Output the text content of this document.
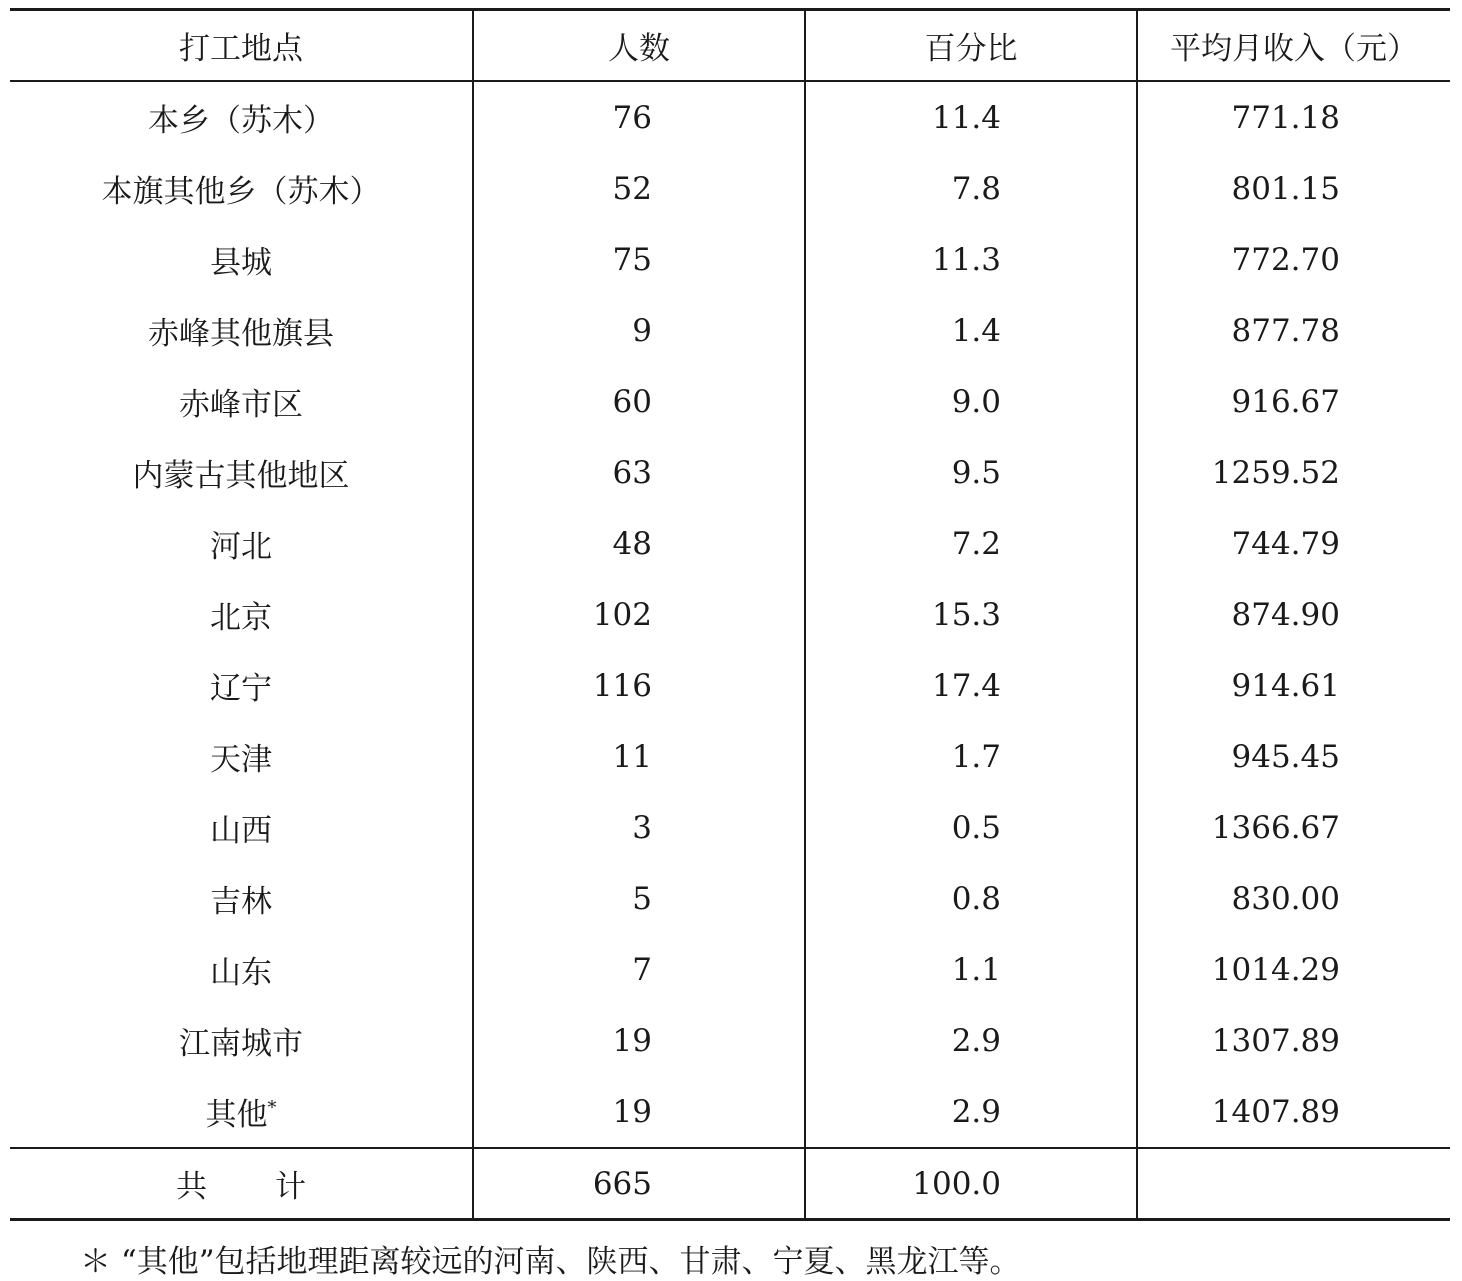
打工地点	人数	百分比	平均月收入（元）
本乡（苏木）	76	11.4	771.18
本旗其他乡（苏木）	52	7.8	801.15
县城	75	11.3	772.70
赤峰其他旗县	9	1.4	877.78
赤峰市区	60	9.0	916.67
内蒙古其他地区	63	9.5	1259.52
河北	48	7.2	744.79
北京	102	15.3	874.90
辽宁	116	17.4	914.61
天津	11	1.7	945.45
山西	3	0.5	1366.67
吉林	5	0.8	830.00
山东	7	1.1	1014.29
江南城市	19	2.9	1307.89
其他*	19	2.9	1407.89
共 计	665	100.0	
＊ “其他”包括地理距离较远的河南、陕西、甘肃、宁夏、黑龙江等。
